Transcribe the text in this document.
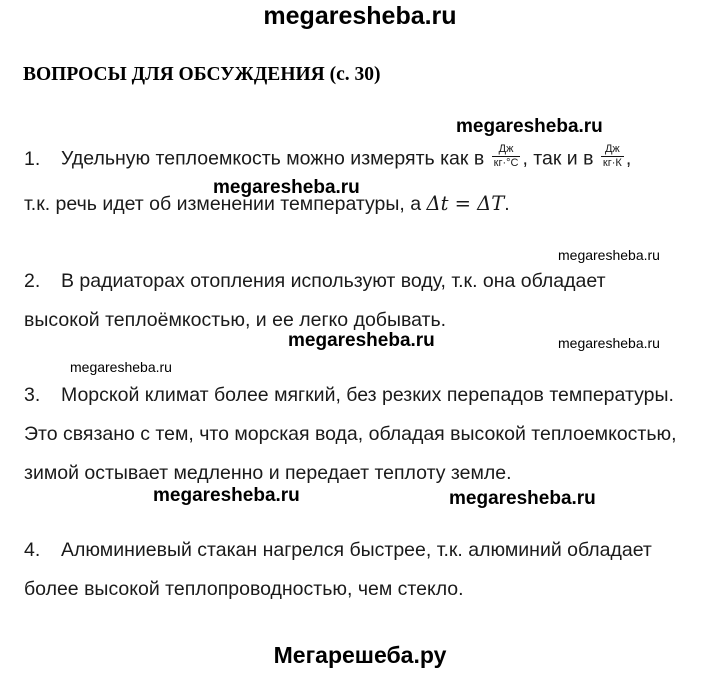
megaresheba.ru
ВОПРОСЫ ДЛЯ ОБСУЖДЕНИЯ (с. 30)
megaresheba.ru
megaresheba.ru
megaresheba.ru
megaresheba.ru	megaresheba.ru
megaresheba.ru
megaresheba.ru	megaresheba.ru
1. Удельную теплоемкость можно измерять как в $\frac{Дж}{кг\cdot^\circ С}$ , так и в $\frac{Дж}{кг\cdot К}$ ,
т.к. речь идет об изменении температуры, а Δt = ΔT.
2. В радиаторах отопления используют воду, т.к. она обладает
высокой теплоёмкостью, и ее легко добывать.
3. Морской климат более мягкий, без резких перепадов температуры.
Это связано с тем, что морская вода, обладая высокой теплоемкостью,
зимой остывает медленно и передает теплоту земле.
4. Алюминиевый стакан нагрелся быстрее, т.к. алюминий обладает
более высокой теплопроводностью, чем стекло.
Мегарешеба.ру
